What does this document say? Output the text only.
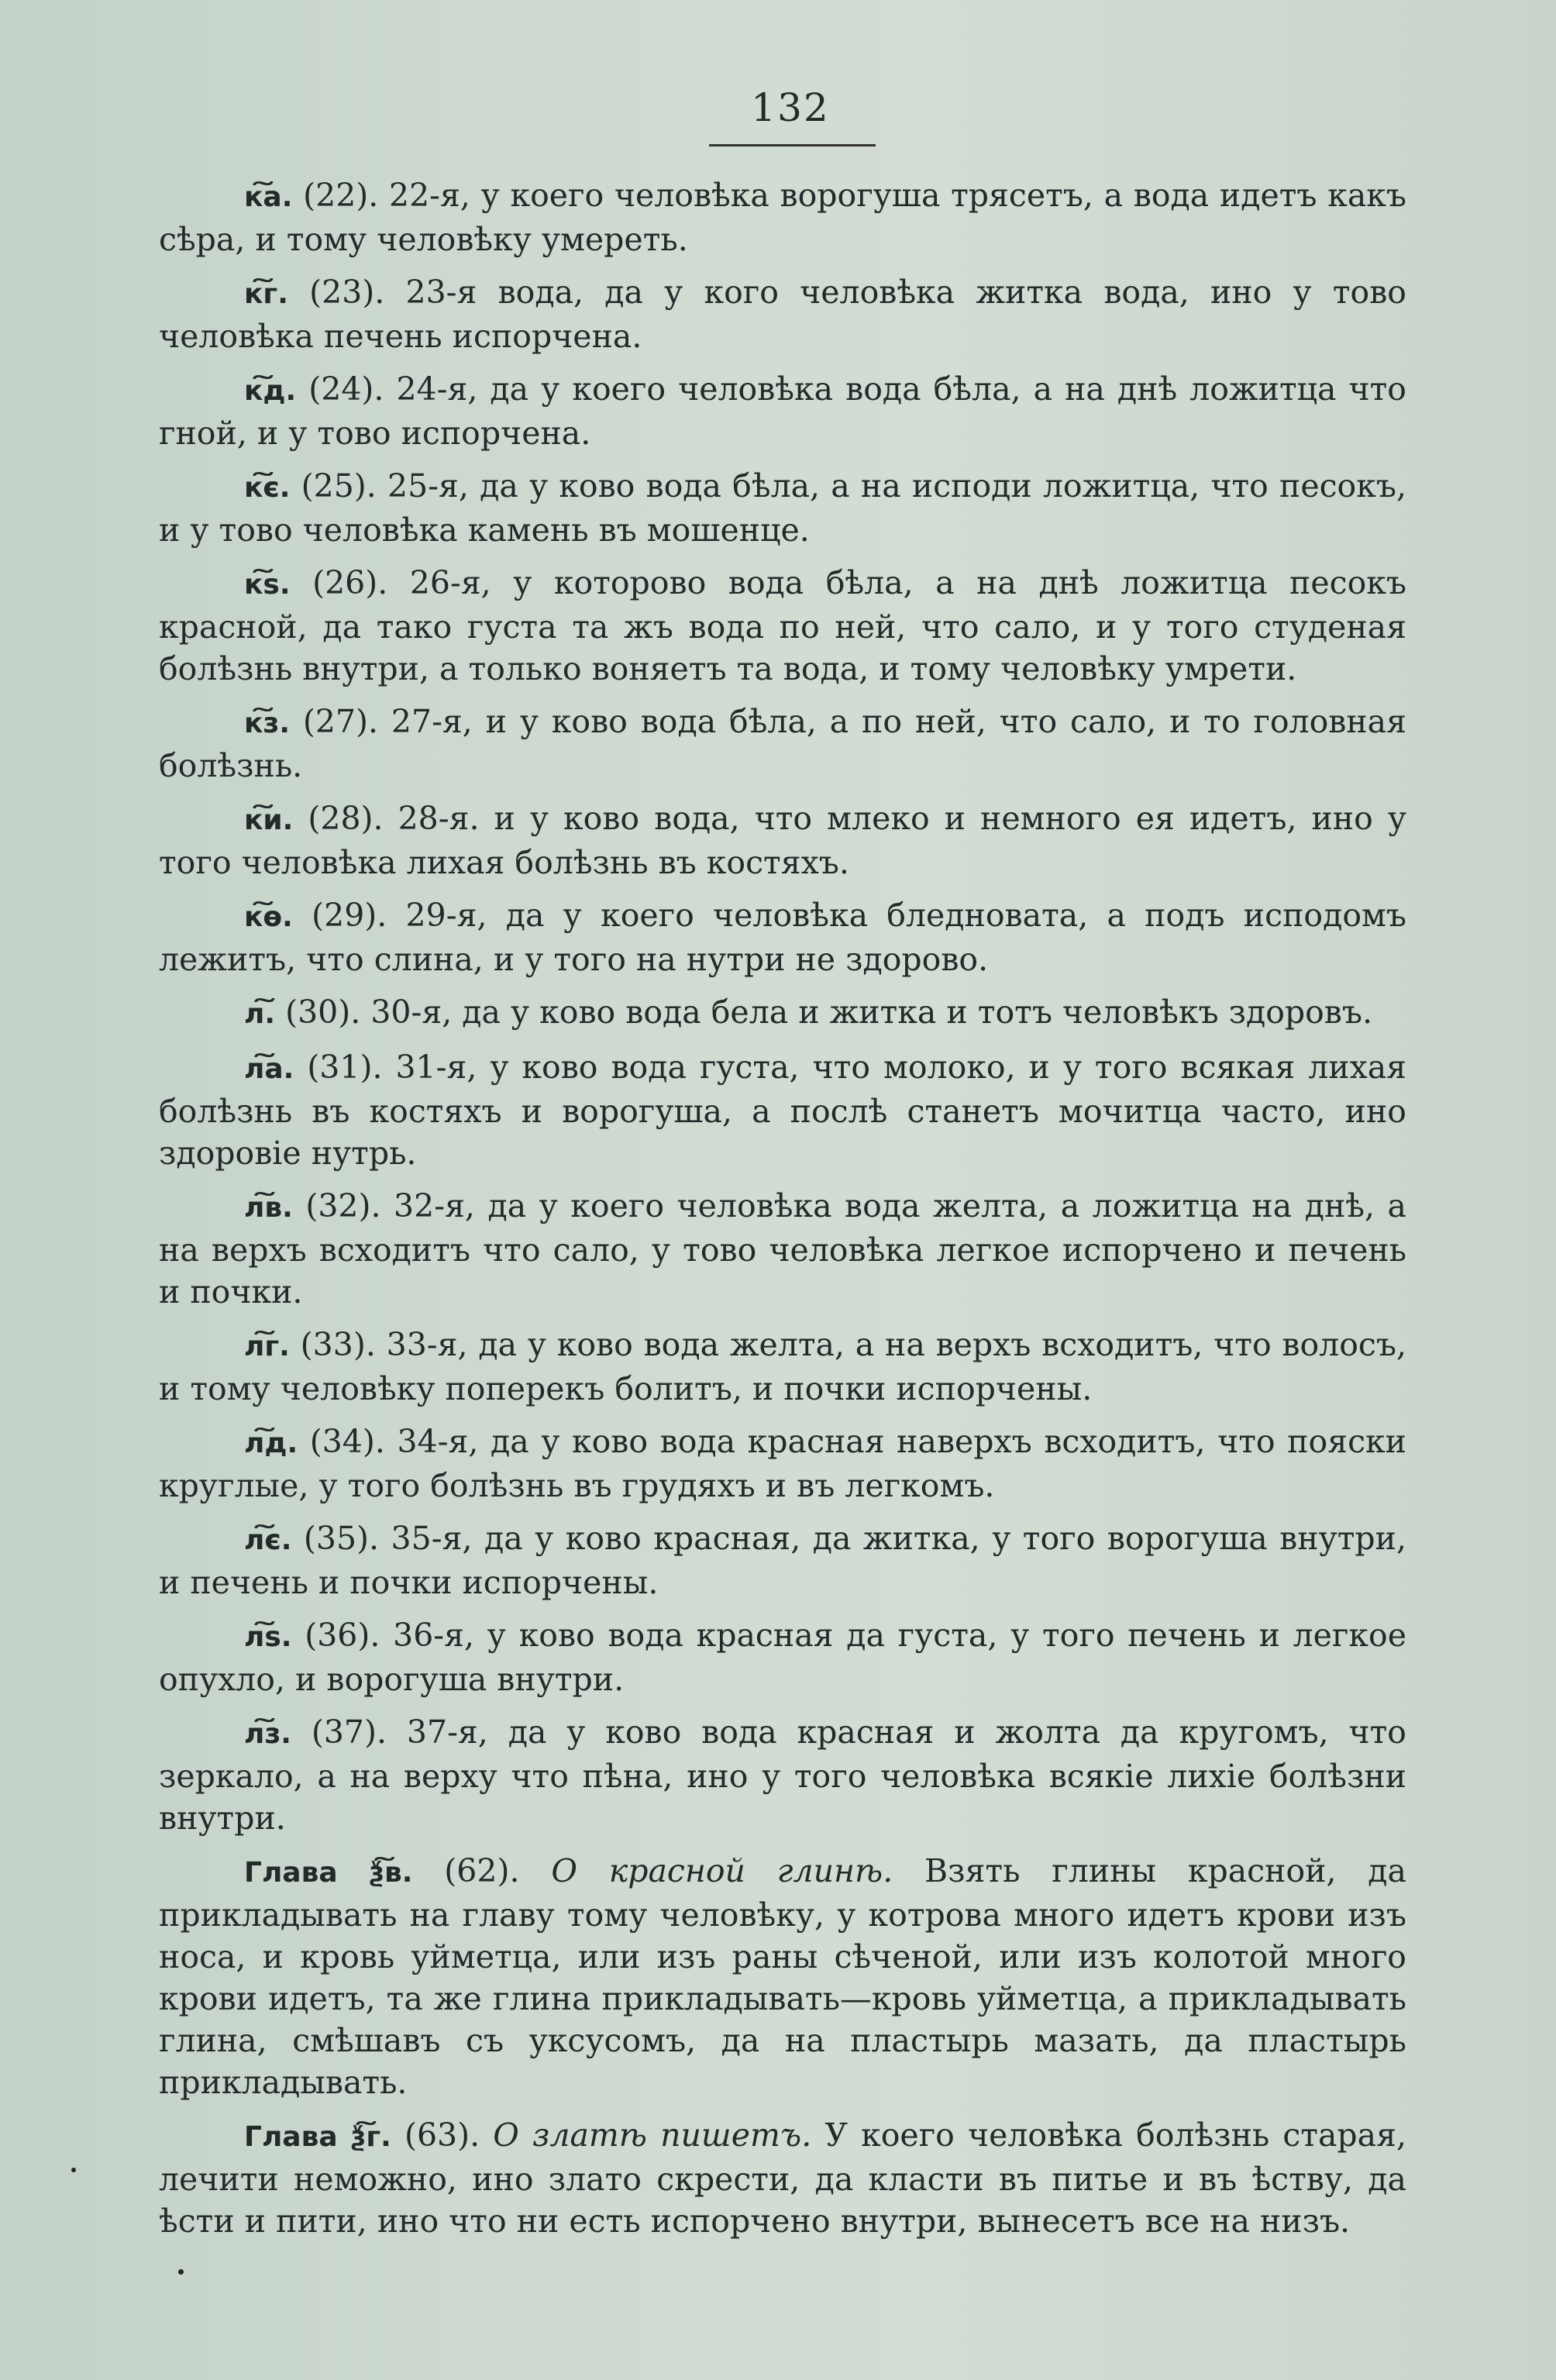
132

к͠а. (22). 22-я, у коего человѣка ворогуша трясетъ, а вода идетъ какъ сѣра, и тому человѣку умереть.

к͠г. (23). 23-я вода, да у кого человѣка житка вода, ино у тово человѣка печень испорчена.

к͠д. (24). 24-я, да у коего человѣка вода бѣла, а на днѣ ложитца что гной, и у тово испорчена.

к͠є. (25). 25-я, да у ково вода бѣла, а на исподи ложитца, что песокъ, и у тово человѣка камень въ мошенце.

к͠ѕ. (26). 26-я, у которово вода бѣла, а на днѣ ложитца песокъ красной, да тако густа та жъ вода по ней, что сало, и у того студеная болѣзнь внутри, а только воняетъ та вода, и тому человѣку умрети.

к͠з. (27). 27-я, и у ково вода бѣла, а по ней, что сало, и то головная болѣзнь.

к͠и. (28). 28-я. и у ково вода, что млеко и немного ея идетъ, ино у того человѣка лихая болѣзнь въ костяхъ.

к͠ѳ. (29). 29-я, да у коего человѣка бледновата, а подъ исподомъ лежитъ, что слина, и у того на нутри не здорово.

л͠. (30). 30-я, да у ково вода бела и житка и тотъ человѣкъ здоровъ.

л͠а. (31). 31-я, у ково вода густа, что молоко, и у того всякая лихая болѣзнь въ костяхъ и ворогуша, а послѣ станетъ мочитца часто, ино здоровіе нутрь.

л͠в. (32). 32-я, да у коего человѣка вода желта, а ложитца на днѣ, а на верхъ всходитъ что сало, у тово человѣка легкое испорчено и печень и почки.

л͠г. (33). 33-я, да у ково вода желта, а на верхъ всходитъ, что волосъ, и тому человѣку поперекъ болитъ, и почки испорчены.

л͠д. (34). 34-я, да у ково вода красная наверхъ всходитъ, что пояски круглые, у того болѣзнь въ грудяхъ и въ легкомъ.

л͠є. (35). 35-я, да у ково красная, да житка, у того ворогуша внутри, и печень и почки испорчены.

л͠ѕ. (36). 36-я, у ково вода красная да густа, у того печень и легкое опухло, и ворогуша внутри.

л͠з. (37). 37-я, да у ково вода красная и жолта да кругомъ, что зеркало, а на верху что пѣна, ино у того человѣка всякіе лихіе болѣзни внутри.

Глава ѯ͠в. (62). О красной глинѣ. Взять глины красной, да прикладывать на главу тому человѣку, у котрова много идетъ крови изъ носа, и кровь уйметца, или изъ раны сѣченой, или изъ колотой много крови идетъ, та же глина прикладывать—кровь уйметца, а прикладывать глина, смѣшавъ съ уксусомъ, да на пластырь мазать, да пластырь прикладывать.

Глава ѯ͠г. (63). О златѣ пишетъ. У коего человѣка болѣзнь старая, лечити неможно, ино злато скрести, да класти въ питье и въ ѣству, да ѣсти и пити, ино что ни есть испорчено внутри, вынесетъ все на низъ.
